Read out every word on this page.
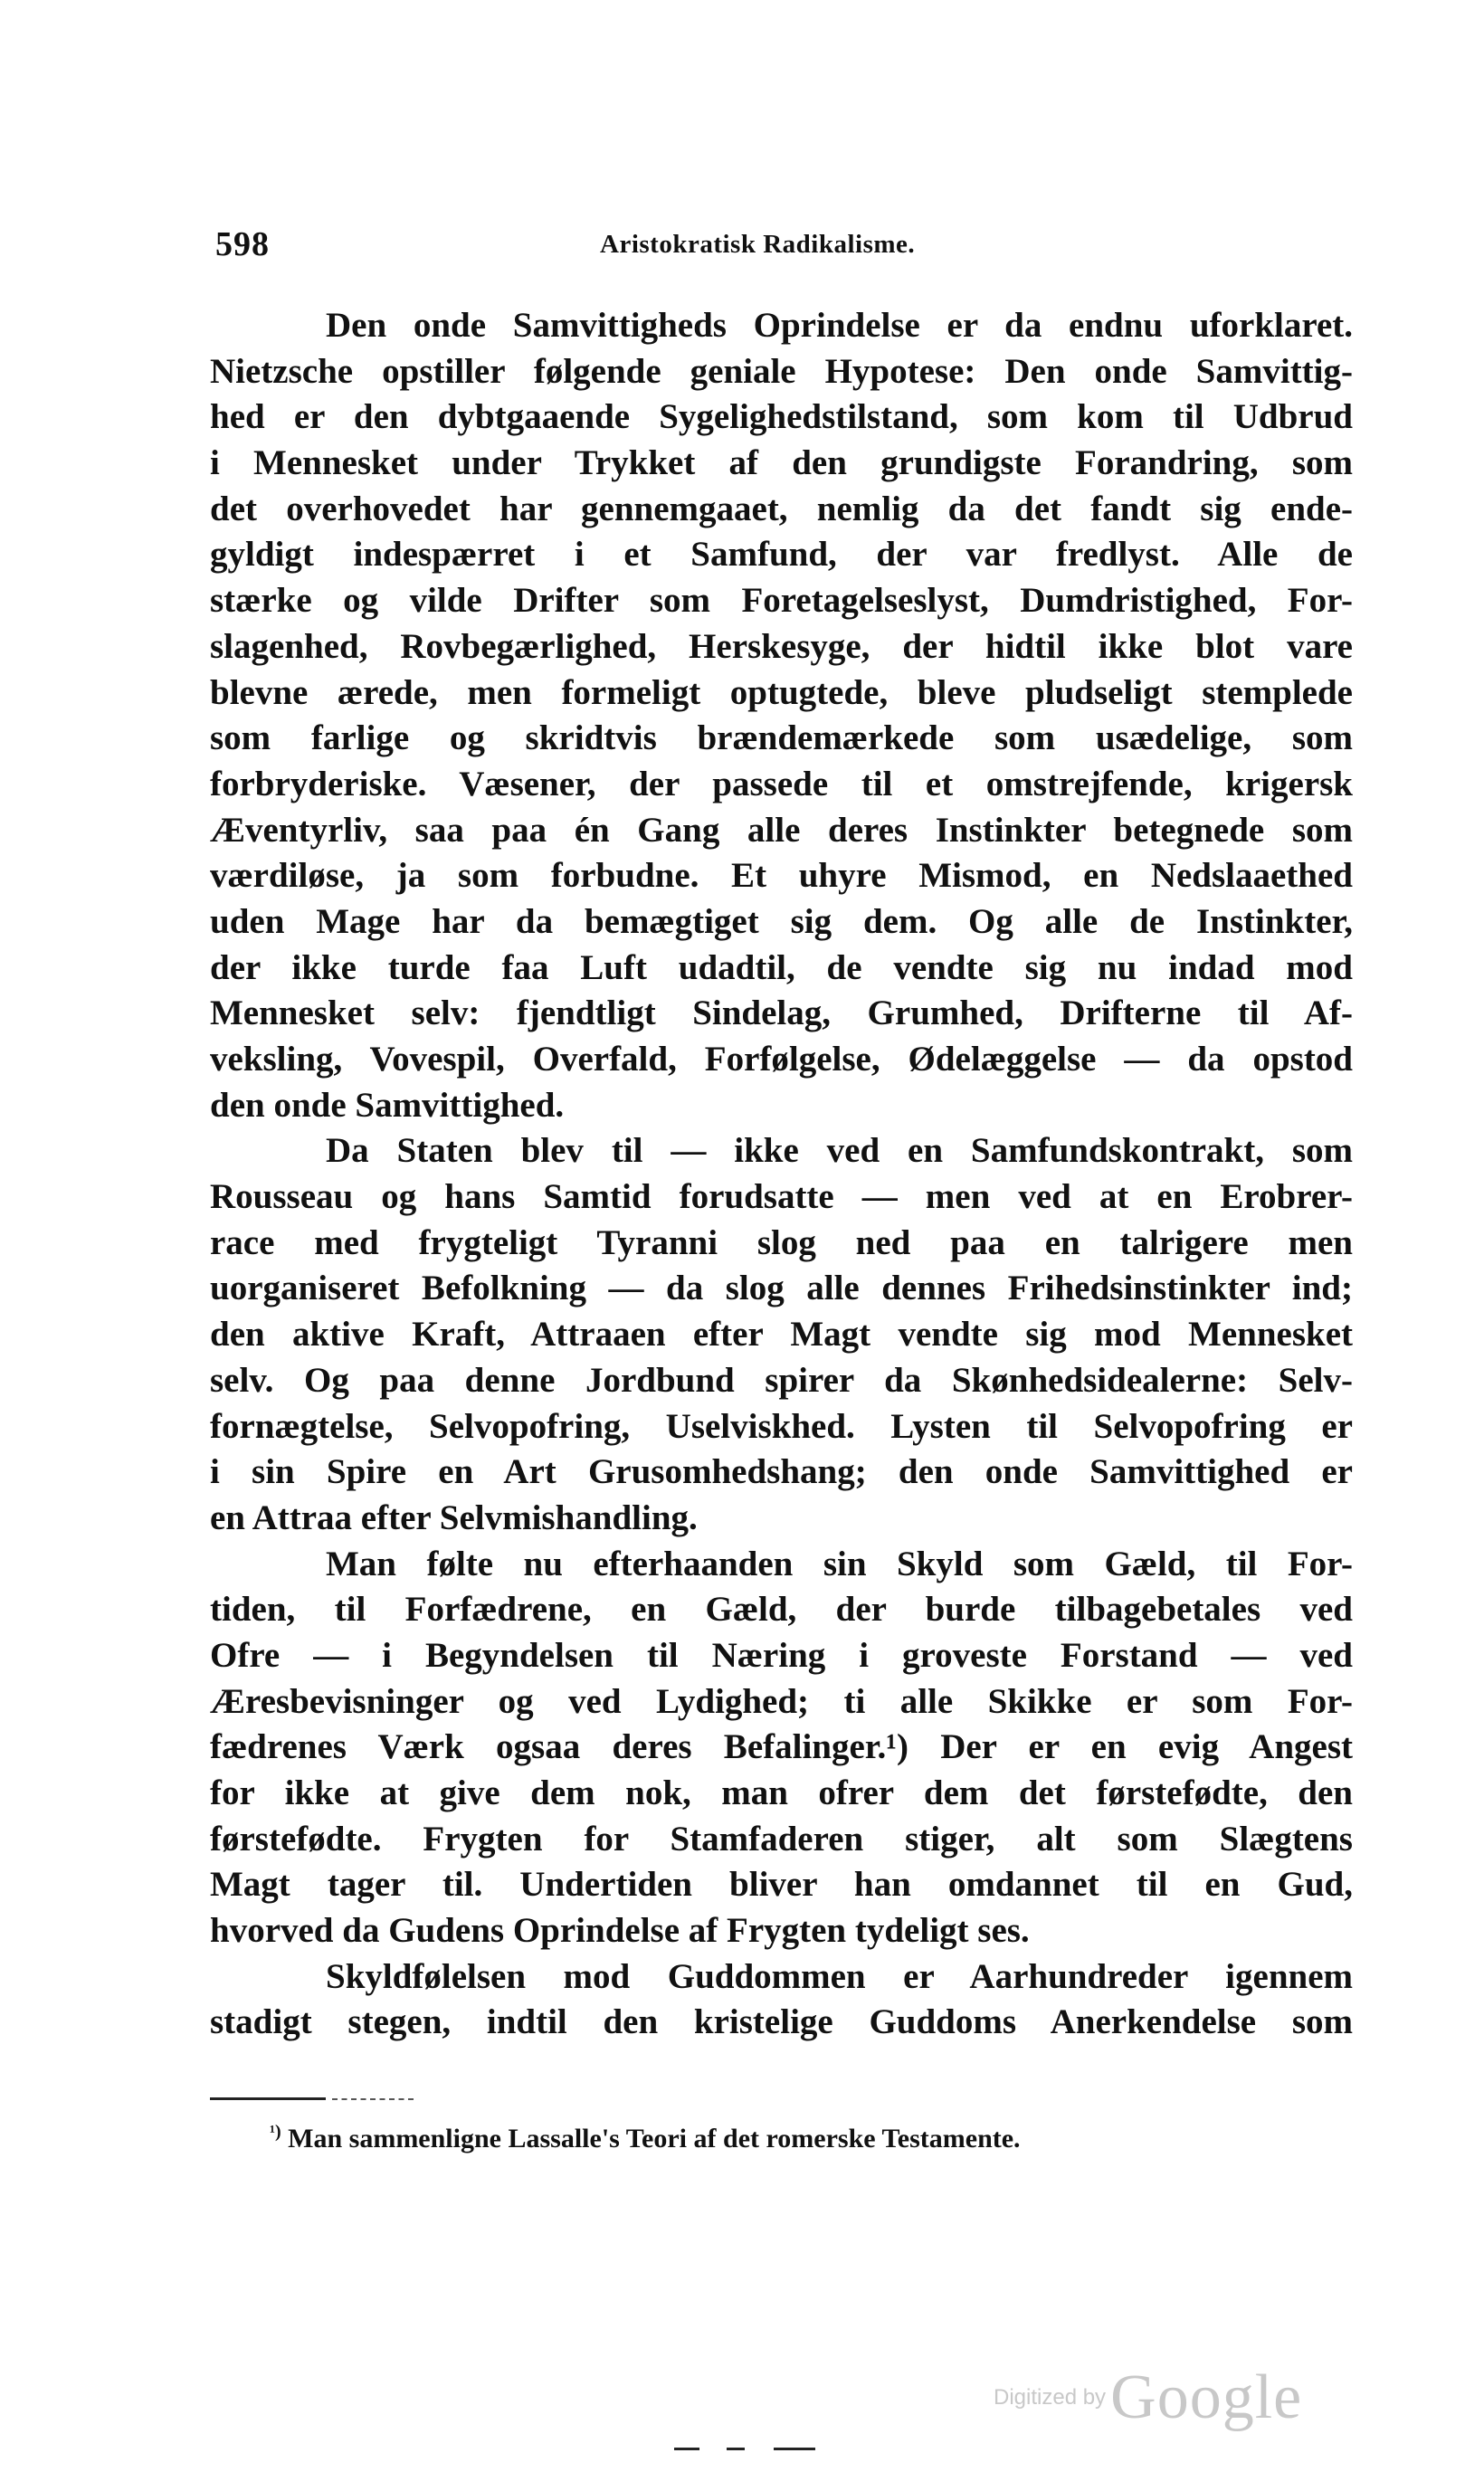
598	Aristokratisk Radikalisme.
Den onde Samvittigheds Oprindelse er da endnu uforklaret.
Nietzsche opstiller følgende geniale Hypotese: Den onde Samvittig-
hed er den dybtgaaende Sygelighedstilstand, som kom til Udbrud
i Mennesket under Trykket af den grundigste Forandring, som
det overhovedet har gennemgaaet, nemlig da det fandt sig ende-
gyldigt indespærret i et Samfund, der var fredlyst. Alle de
stærke og vilde Drifter som Foretagelseslyst, Dumdristighed, For-
slagenhed, Rovbegærlighed, Herskesyge, der hidtil ikke blot vare
blevne ærede, men formeligt optugtede, bleve pludseligt stemplede
som farlige og skridtvis brændemærkede som usædelige, som
forbryderiske. Væsener, der passede til et omstrejfende, krigersk
Æventyrliv, saa paa én Gang alle deres Instinkter betegnede som
værdiløse, ja som forbudne. Et uhyre Mismod, en Nedslaaethed
uden Mage har da bemægtiget sig dem. Og alle de Instinkter,
der ikke turde faa Luft udadtil, de vendte sig nu indad mod
Mennesket selv: fjendtligt Sindelag, Grumhed, Drifterne til Af-
veksling, Vovespil, Overfald, Forfølgelse, Ødelæggelse — da opstod
den onde Samvittighed.
Da Staten blev til — ikke ved en Samfundskontrakt, som
Rousseau og hans Samtid forudsatte — men ved at en Erobrer-
race med frygteligt Tyranni slog ned paa en talrigere men
uorganiseret Befolkning — da slog alle dennes Frihedsinstinkter ind;
den aktive Kraft, Attraaen efter Magt vendte sig mod Mennesket
selv. Og paa denne Jordbund spirer da Skønhedsidealerne: Selv-
fornægtelse, Selvopofring, Uselviskhed. Lysten til Selvopofring er
i sin Spire en Art Grusomhedshang; den onde Samvittighed er
en Attraa efter Selvmishandling.
Man følte nu efterhaanden sin Skyld som Gæld, til For-
tiden, til Forfædrene, en Gæld, der burde tilbagebetales ved
Ofre — i Begyndelsen til Næring i groveste Forstand — ved
Æresbevisninger og ved Lydighed; ti alle Skikke er som For-
fædrenes Værk ogsaa deres Befalinger.¹) Der er en evig Angest
for ikke at give dem nok, man ofrer dem det førstefødte, den
førstefødte. Frygten for Stamfaderen stiger, alt som Slægtens
Magt tager til. Undertiden bliver han omdannet til en Gud,
hvorved da Gudens Oprindelse af Frygten tydeligt ses.
Skyldfølelsen mod Guddommen er Aarhundreder igennem
stadigt stegen, indtil den kristelige Guddoms Anerkendelse som
$^{^1)}$ Man sammenligne Lassalle's Teori af det romerske Testamente.
Digitized by Google
